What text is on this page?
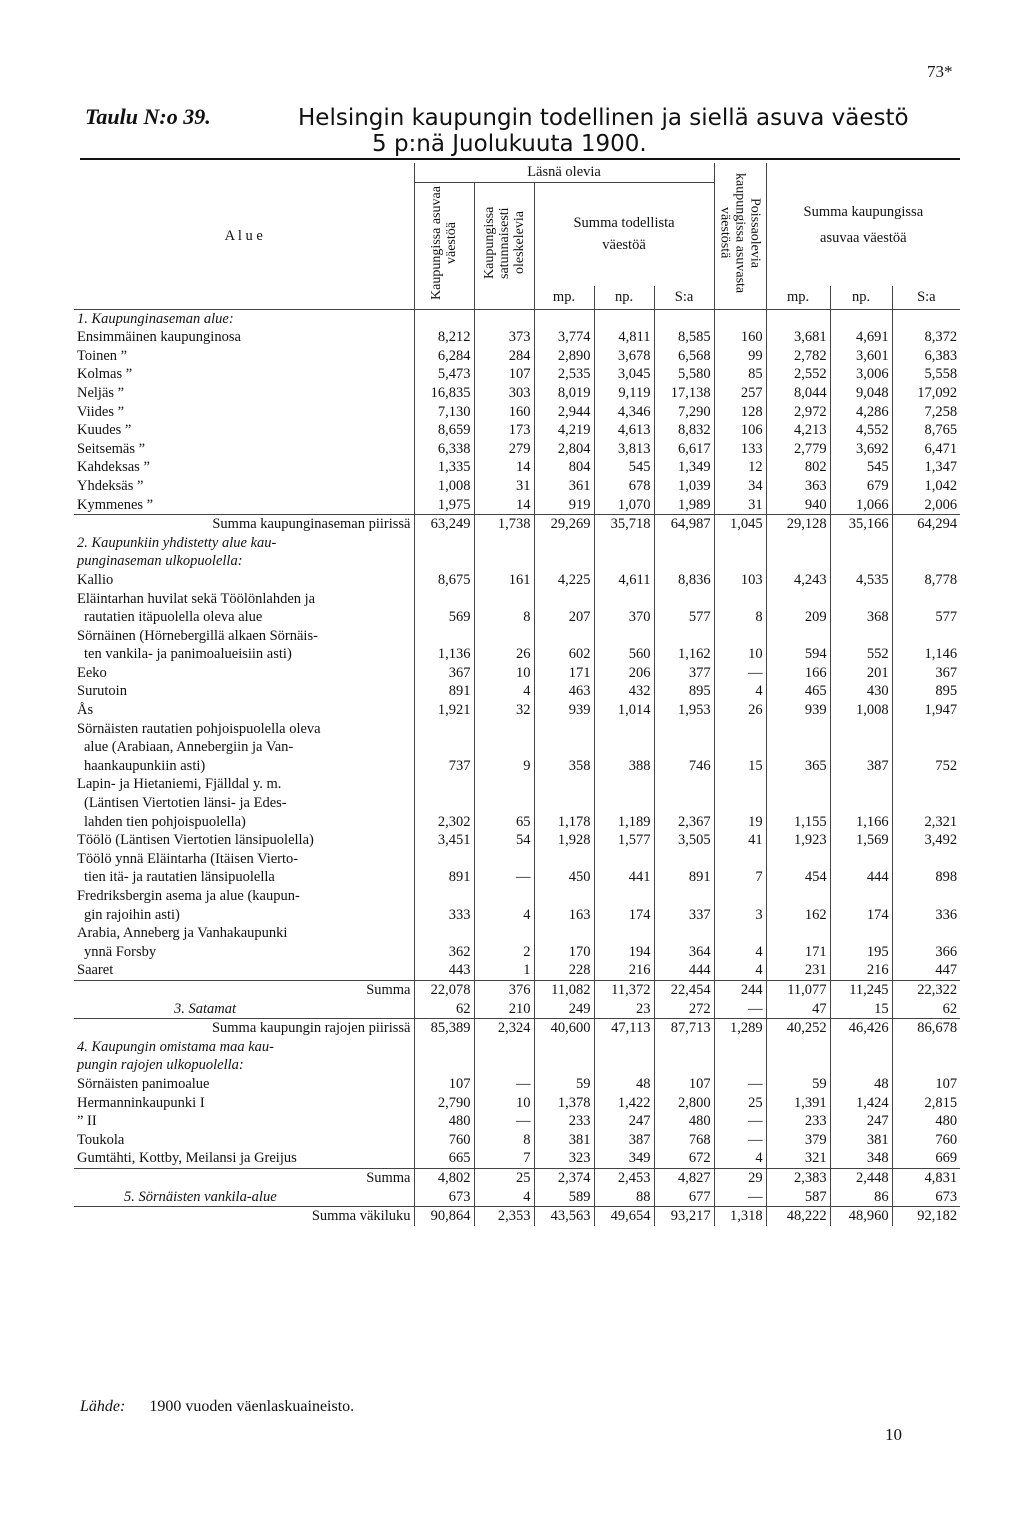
73*
Taulu N:o 39.	Helsingin kaupungin todellinen ja siellä asuva väestö
5 p:nä Juolukuuta 1900.
A l u e	Läsnä olevia					Poissaolevia kaupungissa asuvasta väestöstä	Summa kaupungissa asuvaa väestöä		
	Kaupungissa asuvaa väestöä	Kaupungissa satunnaisesti oleskelevia	Summa todellista väestöä						
			mp.	np.	S:a		mp.	np.	S:a
1. Kaupunginaseman alue:									
Ensimmäinen kaupunginosa	8,212	373	3,774	4,811	8,585	160	3,681	4,691	8,372
Toinen ”	6,284	284	2,890	3,678	6,568	99	2,782	3,601	6,383
Kolmas ”	5,473	107	2,535	3,045	5,580	85	2,552	3,006	5,558
Neljäs ”	16,835	303	8,019	9,119	17,138	257	8,044	9,048	17,092
Viides ”	7,130	160	2,944	4,346	7,290	128	2,972	4,286	7,258
Kuudes ”	8,659	173	4,219	4,613	8,832	106	4,213	4,552	8,765
Seitsemäs ”	6,338	279	2,804	3,813	6,617	133	2,779	3,692	6,471
Kahdeksas ”	1,335	14	804	545	1,349	12	802	545	1,347
Yhdeksäs ”	1,008	31	361	678	1,039	34	363	679	1,042
Kymmenes ”	1,975	14	919	1,070	1,989	31	940	1,066	2,006
Summa kaupunginaseman piirissä	63,249	1,738	29,269	35,718	64,987	1,045	29,128	35,166	64,294
2. Kaupunkiin yhdistetty alue kau-									
punginaseman ulkopuolella:									
Kallio	8,675	161	4,225	4,611	8,836	103	4,243	4,535	8,778
Eläintarhan huvilat sekä Töölönlahden ja	569	8	207	370	577	8	209	368	577
rautatien itäpuolella oleva alue									
Sörnäinen (Hörnebergillä alkaen Sörnäis-	1,136	26	602	560	1,162	10	594	552	1,146
ten vankila- ja panimoalueisiin asti)									
Eeko	367	10	171	206	377	—	166	201	367
Surutoin	891	4	463	432	895	4	465	430	895
Ås	1,921	32	939	1,014	1,953	26	939	1,008	1,947
Sörnäisten rautatien pohjoispuolella oleva	737	9	358	388	746	15	365	387	752
alue (Arabiaan, Annebergiin ja Van-									
haankaupunkiin asti)									
Lapin- ja Hietaniemi, Fjälldal y. m.	2,302	65	1,178	1,189	2,367	19	1,155	1,166	2,321
(Läntisen Viertotien länsi- ja Edes-									
lahden tien pohjoispuolella)									
Töölö (Läntisen Viertotien länsipuolella)	3,451	54	1,928	1,577	3,505	41	1,923	1,569	3,492
Töölö ynnä Eläintarha (Itäisen Vierto-	891	—	450	441	891	7	454	444	898
tien itä- ja rautatien länsipuolella									
Fredriksbergin asema ja alue (kaupun-	333	4	163	174	337	3	162	174	336
gin rajoihin asti)									
Arabia, Anneberg ja Vanhakaupunki	362	2	170	194	364	4	171	195	366
ynnä Forsby									
Saaret	443	1	228	216	444	4	231	216	447
Summa	22,078	376	11,082	11,372	22,454	244	11,077	11,245	22,322
3. Satamat	62	210	249	23	272	—	47	15	62
Summa kaupungin rajojen piirissä	85,389	2,324	40,600	47,113	87,713	1,289	40,252	46,426	86,678
4. Kaupungin omistama maa kau-									
pungin rajojen ulkopuolella:									
Sörnäisten panimoalue	107	—	59	48	107	—	59	48	107
Hermanninkaupunki I	2,790	10	1,378	1,422	2,800	25	1,391	1,424	2,815
” II	480	—	233	247	480	—	233	247	480
Toukola	760	8	381	387	768	—	379	381	760
Gumtähti, Kottby, Meilansi ja Greijus	665	7	323	349	672	4	321	348	669
Summa	4,802	25	2,374	2,453	4,827	29	2,383	2,448	4,831
5. Sörnäisten vankila-alue	673	4	589	88	677	—	587	86	673
Summa väkiluku	90,864	2,353	43,563	49,654	93,217	1,318	48,222	48,960	92,182
Lähde: 1900 vuoden väenlaskuaineisto.
10
